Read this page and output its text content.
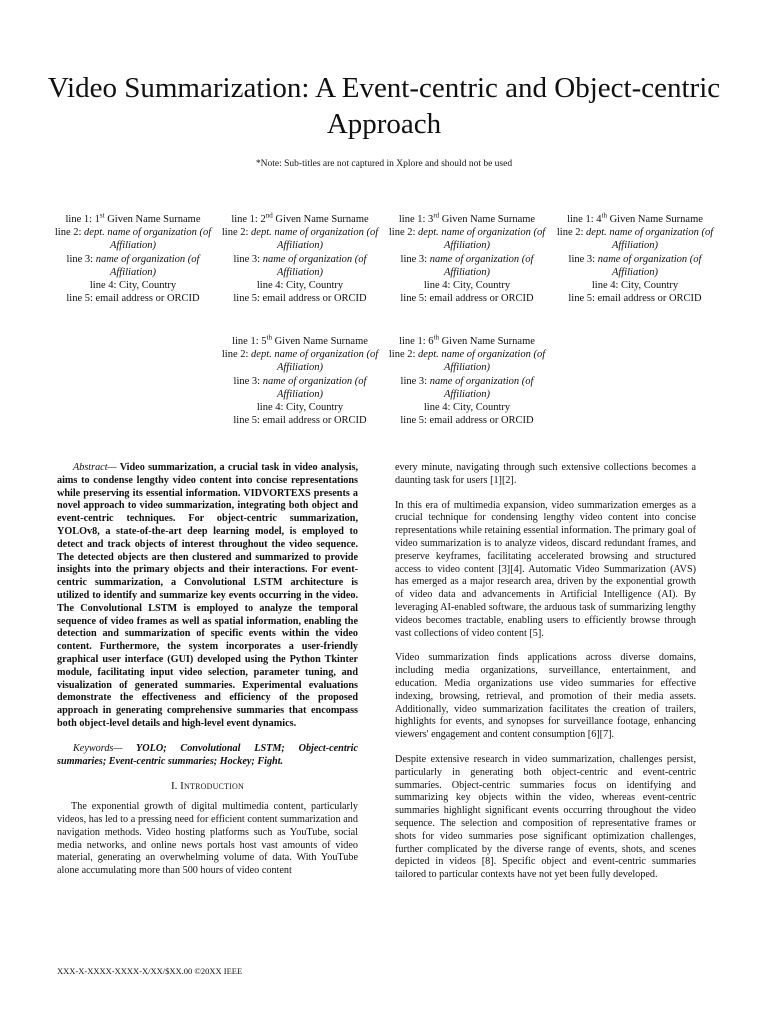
Video Summarization: A Event-centric and Object-centric Approach
*Note: Sub-titles are not captured in Xplore and should not be used
line 1: 1st Given Name Surname
line 2: dept. name of organization (of Affiliation)
line 3: name of organization (of Affiliation)
line 4: City, Country
line 5: email address or ORCID
line 1: 2nd Given Name Surname
line 2: dept. name of organization (of Affiliation)
line 3: name of organization (of Affiliation)
line 4: City, Country
line 5: email address or ORCID
line 1: 3rd Given Name Surname
line 2: dept. name of organization (of Affiliation)
line 3: name of organization (of Affiliation)
line 4: City, Country
line 5: email address or ORCID
line 1: 4th Given Name Surname
line 2: dept. name of organization (of Affiliation)
line 3: name of organization (of Affiliation)
line 4: City, Country
line 5: email address or ORCID
line 1: 5th Given Name Surname
line 2: dept. name of organization (of Affiliation)
line 3: name of organization (of Affiliation)
line 4: City, Country
line 5: email address or ORCID
line 1: 6th Given Name Surname
line 2: dept. name of organization (of Affiliation)
line 3: name of organization (of Affiliation)
line 4: City, Country
line 5: email address or ORCID

Abstract— Video summarization, a crucial task in video analysis, aims to condense lengthy video content into concise representations while preserving its essential information. VIDVORTEXS presents a novel approach to video summarization, integrating both object and event-centric techniques. For object-centric summarization, YOLOv8, a state-of-the-art deep learning model, is employed to detect and track objects of interest throughout the video sequence. The detected objects are then clustered and summarized to provide insights into the primary objects and their interactions. For event-centric summarization, a Convolutional LSTM architecture is utilized to identify and summarize key events occurring in the video. The Convolutional LSTM is employed to analyze the temporal sequence of video frames as well as spatial information, enabling the detection and summarization of specific events within the video content. Furthermore, the system incorporates a user-friendly graphical user interface (GUI) developed using the Python Tkinter module, facilitating input video selection, parameter tuning, and visualization of generated summaries. Experimental evaluations demonstrate the effectiveness and efficiency of the proposed approach in generating comprehensive summaries that encompass both object-level details and high-level event dynamics.

Keywords— YOLO; Convolutional LSTM; Object-centric summaries; Event-centric summaries; Hockey; Fight.

I. Introduction

The exponential growth of digital multimedia content, particularly videos, has led to a pressing need for efficient content summarization and navigation methods. Video hosting platforms such as YouTube, social media networks, and online news portals host vast amounts of video material, generating an overwhelming volume of data. With YouTube alone accumulating more than 500 hours of video content

every minute, navigating through such extensive collections becomes a daunting task for users [1][2].

In this era of multimedia expansion, video summarization emerges as a crucial technique for condensing lengthy video content into concise representations while retaining essential information. The primary goal of video summarization is to analyze videos, discard redundant frames, and preserve keyframes, facilitating accelerated browsing and structured access to video content [3][4]. Automatic Video Summarization (AVS) has emerged as a major research area, driven by the exponential growth of video data and advancements in Artificial Intelligence (AI). By leveraging AI-enabled software, the arduous task of summarizing lengthy videos becomes tractable, enabling users to efficiently browse through vast collections of video content [5].

Video summarization finds applications across diverse domains, including media organizations, surveillance, entertainment, and education. Media organizations use video summaries for effective indexing, browsing, retrieval, and promotion of their media assets. Additionally, video summarization facilitates the creation of trailers, highlights for events, and synopses for surveillance footage, enhancing viewers' engagement and content consumption [6][7].

Despite extensive research in video summarization, challenges persist, particularly in generating both object-centric and event-centric summaries. Object-centric summaries focus on identifying and summarizing key objects within the video, whereas event-centric summaries highlight significant events occurring throughout the video sequence. The selection and composition of representative frames or shots for video summaries pose significant optimization challenges, further complicated by the diverse range of events, shots, and scenes depicted in videos [8]. Specific object and event-centric summaries tailored to particular contexts have not yet been fully developed.

XXX-X-XXXX-XXXX-X/XX/$XX.00 ©20XX IEEE
